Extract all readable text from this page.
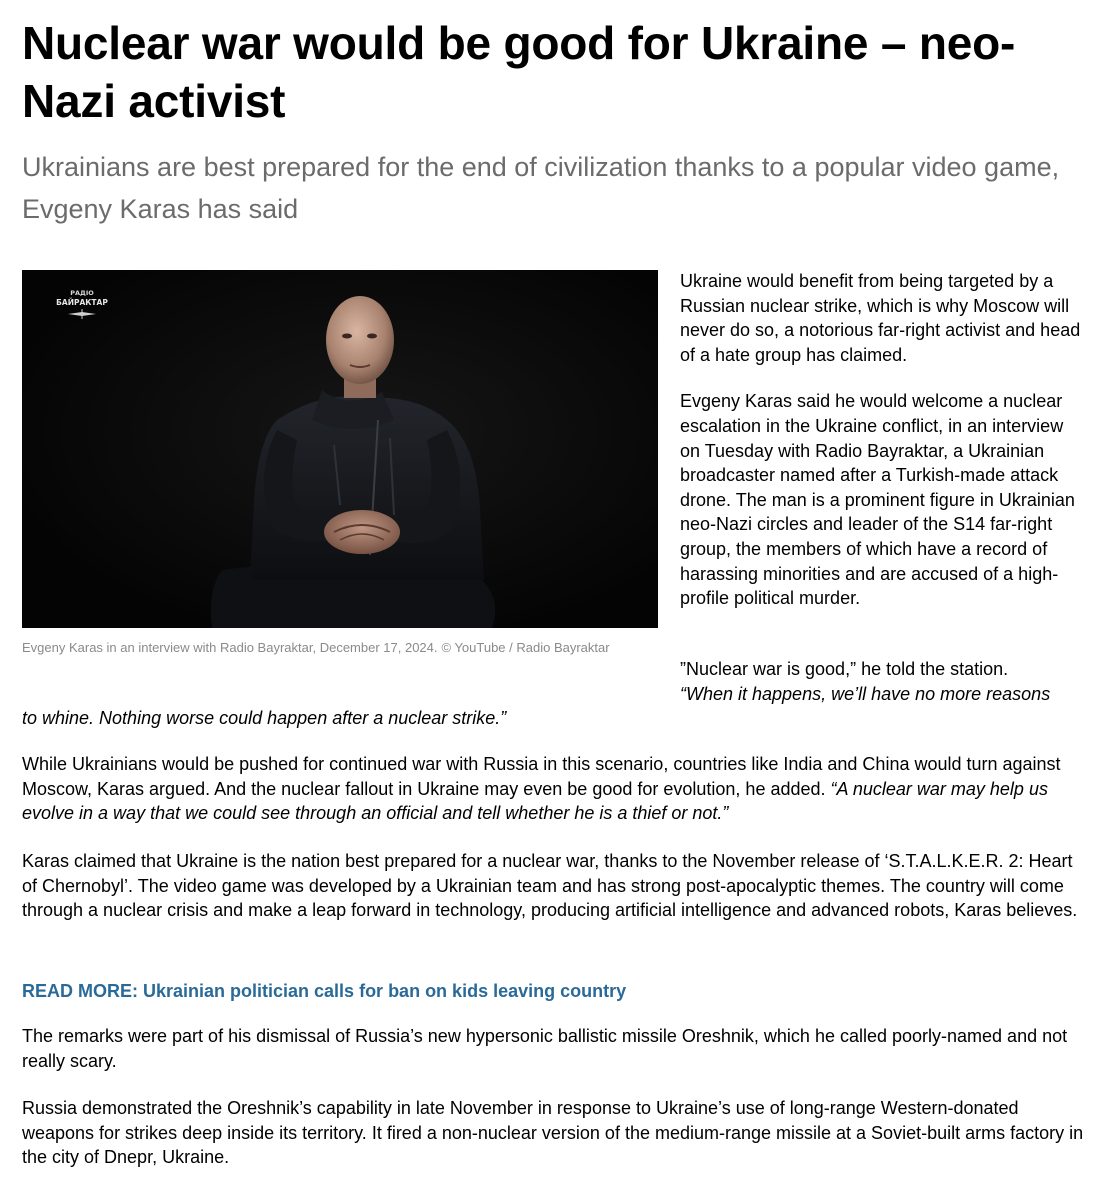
Nuclear war would be good for Ukraine – neo-Nazi activist
Ukrainians are best prepared for the end of civilization thanks to a popular video game, Evgeny Karas has said
РАДІО
БАЙРАКТАР
Evgeny Karas in an interview with Radio Bayraktar, December 17, 2024. © YouTube / Radio Bayraktar

Ukraine would benefit from being targeted by a Russian nuclear strike, which is why Moscow will never do so, a notorious far-right activist and head of a hate group has claimed.

Evgeny Karas said he would welcome a nuclear escalation in the Ukraine conflict, in an interview on Tuesday with Radio Bayraktar, a Ukrainian broadcaster named after a Turkish-made attack drone. The man is a prominent figure in Ukrainian neo-Nazi circles and leader of the S14 far-right group, the members of which have a record of harassing minorities and are accused of a high-profile political murder.

”Nuclear war is good,” he told the station.
“When it happens, we’ll have no more reasons
to whine. Nothing worse could happen after a nuclear strike.”

While Ukrainians would be pushed for continued war with Russia in this scenario, countries like India and China would turn against Moscow, Karas argued. And the nuclear fallout in Ukraine may even be good for evolution, he added. “A nuclear war may help us evolve in a way that we could see through an official and tell whether he is a thief or not.”

Karas claimed that Ukraine is the nation best prepared for a nuclear war, thanks to the November release of ‘S.T.A.L.K.E.R. 2: Heart of Chernobyl’. The video game was developed by a Ukrainian team and has strong post-apocalyptic themes. The country will come through a nuclear crisis and make a leap forward in technology, producing artificial intelligence and advanced robots, Karas believes.

READ MORE: Ukrainian politician calls for ban on kids leaving country

The remarks were part of his dismissal of Russia’s new hypersonic ballistic missile Oreshnik, which he called poorly-named and not really scary.

Russia demonstrated the Oreshnik’s capability in late November in response to Ukraine’s use of long-range Western-donated weapons for strikes deep inside its territory. It fired a non-nuclear version of the medium-range missile at a Soviet-built arms factory in the city of Dnepr, Ukraine.
